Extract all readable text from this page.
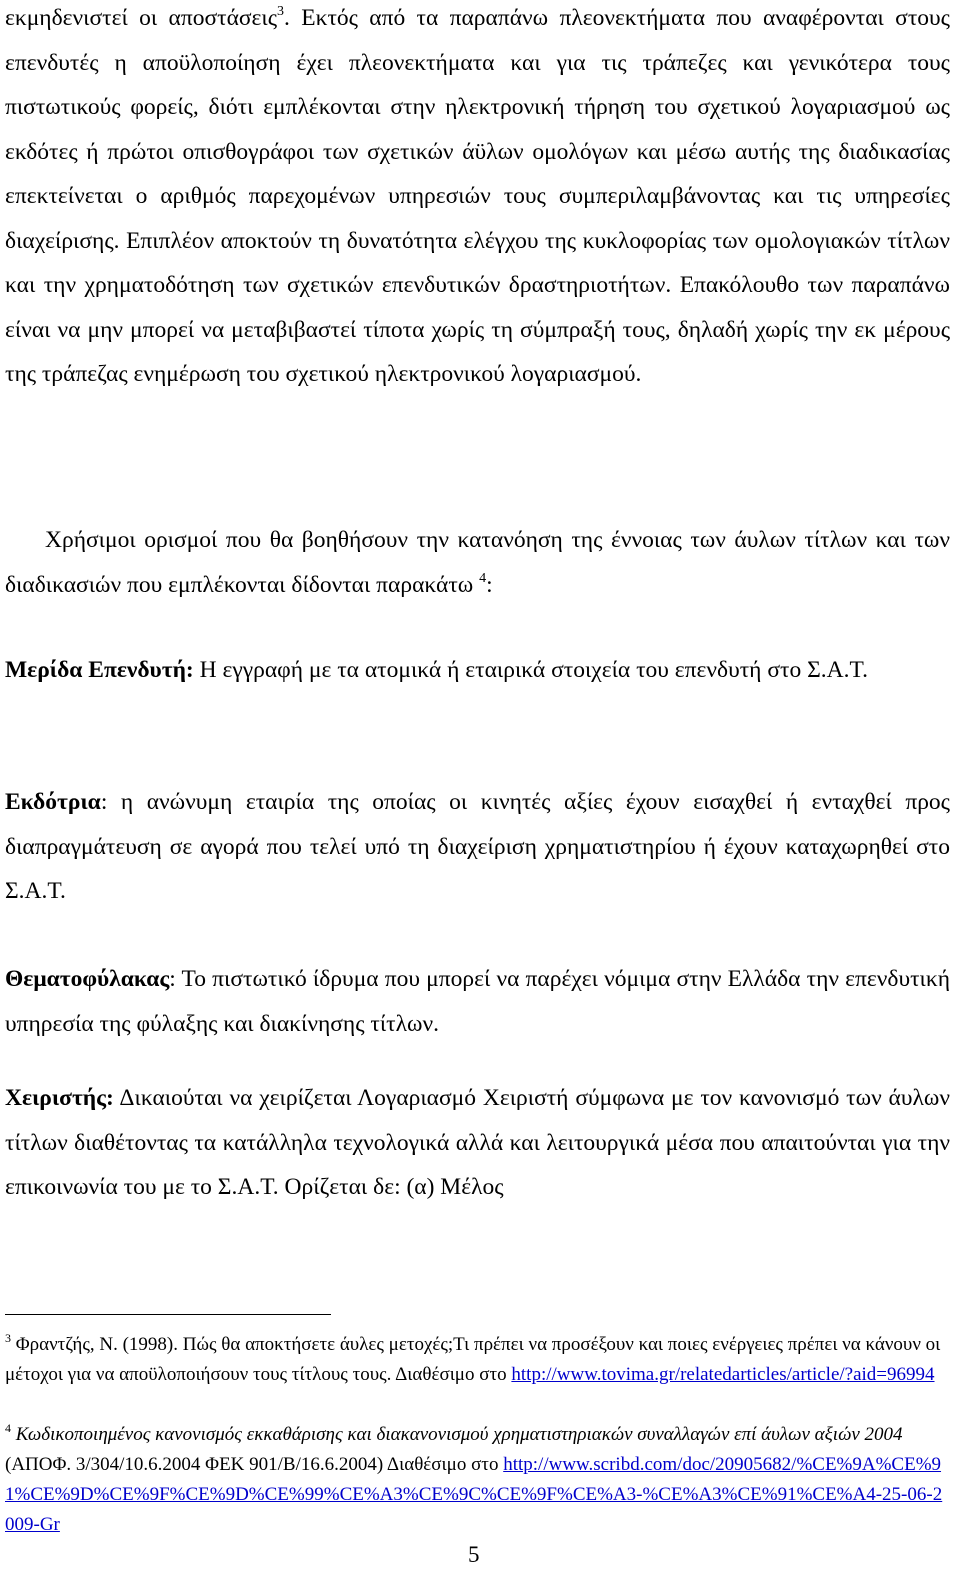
εκμηδενιστεί οι αποστάσεις$^3$. Εκτός από τα παραπάνω πλεονεκτήματα που αναφέρονται στους επενδυτές η αποϋλοποίηση έχει πλεονεκτήματα και για τις τράπεζες και γενικότερα τους πιστωτικούς φορείς, διότι εμπλέκονται στην ηλεκτρονική τήρηση του σχετικού λογαριασμού ως εκδότες ή πρώτοι οπισθογράφοι των σχετικών άϋλων ομολόγων και μέσω αυτής της διαδικασίας επεκτείνεται ο αριθμός παρεχομένων υπηρεσιών τους συμπεριλαμβάνοντας και τις υπηρεσίες διαχείρισης. Επιπλέον αποκτούν τη δυνατότητα ελέγχου της κυκλοφορίας των ομολογιακών τίτλων και την χρηματοδότηση των σχετικών επενδυτικών δραστηριοτήτων. Επακόλουθο των παραπάνω είναι να μην μπορεί να μεταβιβαστεί τίποτα χωρίς τη σύμπραξή τους, δηλαδή χωρίς την εκ μέρους της τράπεζας ενημέρωση του σχετικού ηλεκτρονικού λογαριασμού.

Χρήσιμοι ορισμοί που θα βοηθήσουν την κατανόηση της έννοιας των άυλων τίτλων και των διαδικασιών που εμπλέκονται δίδονται παρακάτω $^4$:

Μερίδα Επενδυτή: Η εγγραφή με τα ατομικά ή εταιρικά στοιχεία του επενδυτή στο Σ.Α.Τ.

Εκδότρια: η ανώνυμη εταιρία της οποίας οι κινητές αξίες έχουν εισαχθεί ή ενταχθεί προς διαπραγμάτευση σε αγορά που τελεί υπό τη διαχείριση χρηματιστηρίου ή έχουν καταχωρηθεί στο Σ.Α.Τ.

Θεματοφύλακας: Το πιστωτικό ίδρυμα που μπορεί να παρέχει νόμιμα στην Ελλάδα την επενδυτική υπηρεσία της φύλαξης και διακίνησης τίτλων.

Χειριστής: Δικαιούται να χειρίζεται Λογαριασμό Χειριστή σύμφωνα με τον κανονισμό των άυλων τίτλων διαθέτοντας τα κατάλληλα τεχνολογικά αλλά και λειτουργικά μέσα που απαιτούνται για την επικοινωνία του με το Σ.Α.Τ. Ορίζεται δε: (α) Μέλος

$^3$ Φραντζής, Ν. (1998). Πώς θα αποκτήσετε άυλες μετοχές;Τι πρέπει να προσέξουν και ποιες ενέργειες πρέπει να κάνουν οι μέτοχοι για να αποϋλοποιήσουν τους τίτλους τους. Διαθέσιμο στο http://www.tovima.gr/relatedarticles/article/?aid=96994

$^4$ Κωδικοποιημένος κανονισμός εκκαθάρισης και διακανονισμού χρηματιστηριακών συναλλαγών επί άυλων αξιών 2004 (ΑΠΟΦ. 3/304/10.6.2004 ΦΕΚ 901/Β/16.6.2004) Διαθέσιμο στο http://www.scribd.com/doc/20905682/%CE%9A%CE%91%CE%9D%CE%9F%CE%9D%CE%99%CE%A3%CE%9C%CE%9F%CE%A3-%CE%A3%CE%91%CE%A4-25-06-2009-Gr

5
